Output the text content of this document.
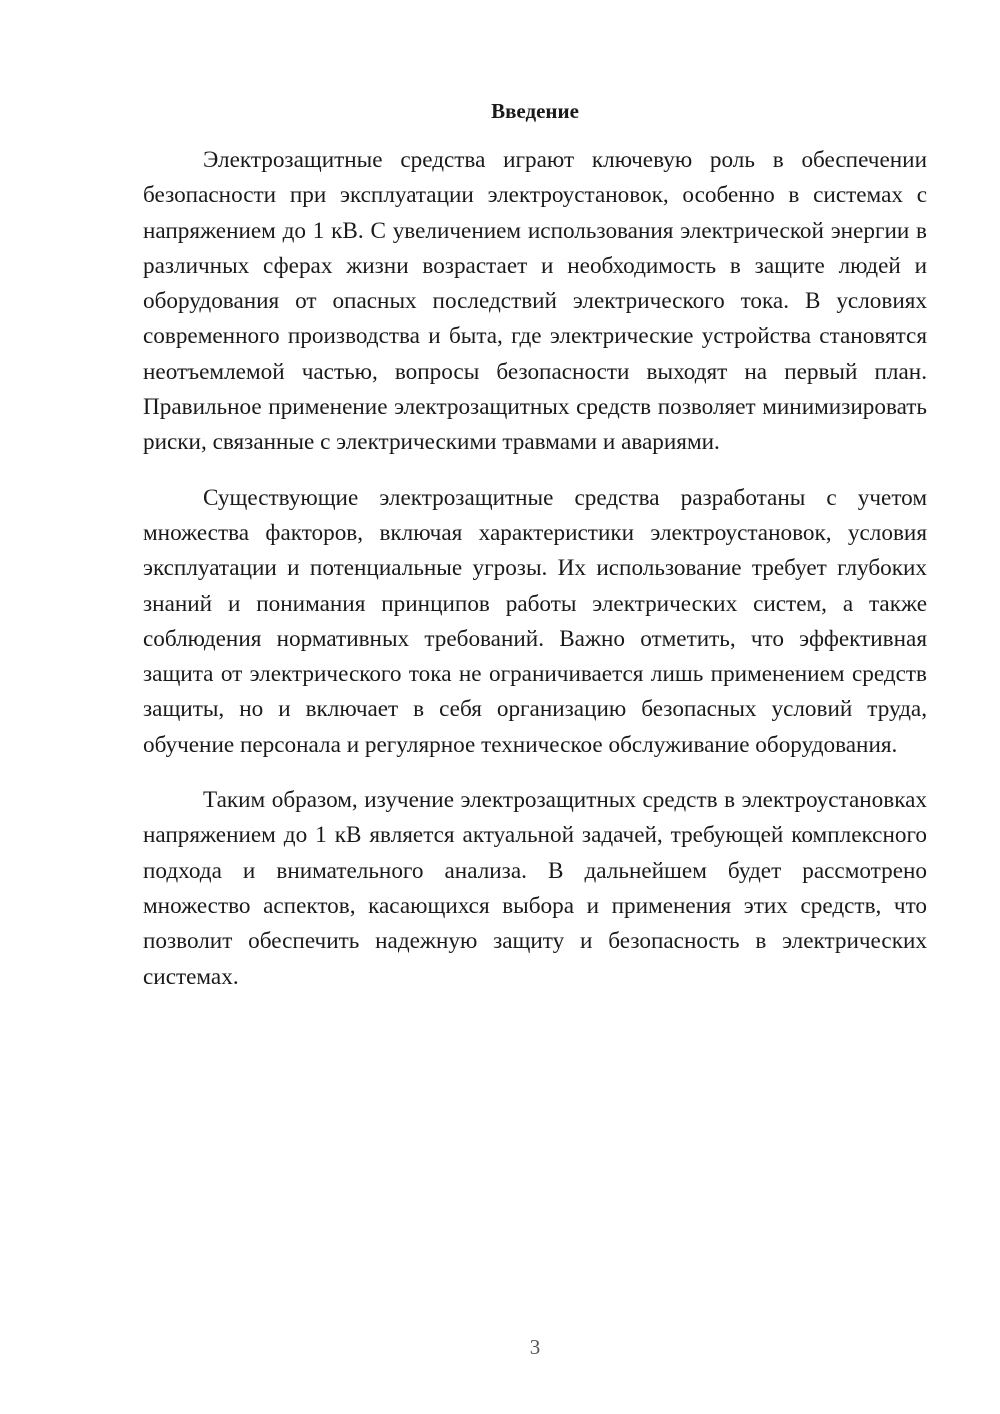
Введение

Электрозащитные средства играют ключевую роль в обеспечении безопасности при эксплуатации электроустановок, особенно в системах с напряжением до 1 кВ. С увеличением использования электрической энергии в различных сферах жизни возрастает и необходимость в защите людей и оборудования от опасных последствий электрического тока. В условиях современного производства и быта, где электрические устройства становятся неотъемлемой частью, вопросы безопасности выходят на первый план. Правильное применение электрозащитных средств позволяет минимизировать риски, связанные с электрическими травмами и авариями.

Существующие электрозащитные средства разработаны с учетом множества факторов, включая характеристики электроустановок, условия эксплуатации и потенциальные угрозы. Их использование требует глубоких знаний и понимания принципов работы электрических систем, а также соблюдения нормативных требований. Важно отметить, что эффективная защита от электрического тока не ограничивается лишь применением средств защиты, но и включает в себя организацию безопасных условий труда, обучение персонала и регулярное техническое обслуживание оборудования.

Таким образом, изучение электрозащитных средств в электроустановках напряжением до 1 кВ является актуальной задачей, требующей комплексного подхода и внимательного анализа. В дальнейшем будет рассмотрено множество аспектов, касающихся выбора и применения этих средств, что позволит обеспечить надежную защиту и безопасность в электрических системах.

3
